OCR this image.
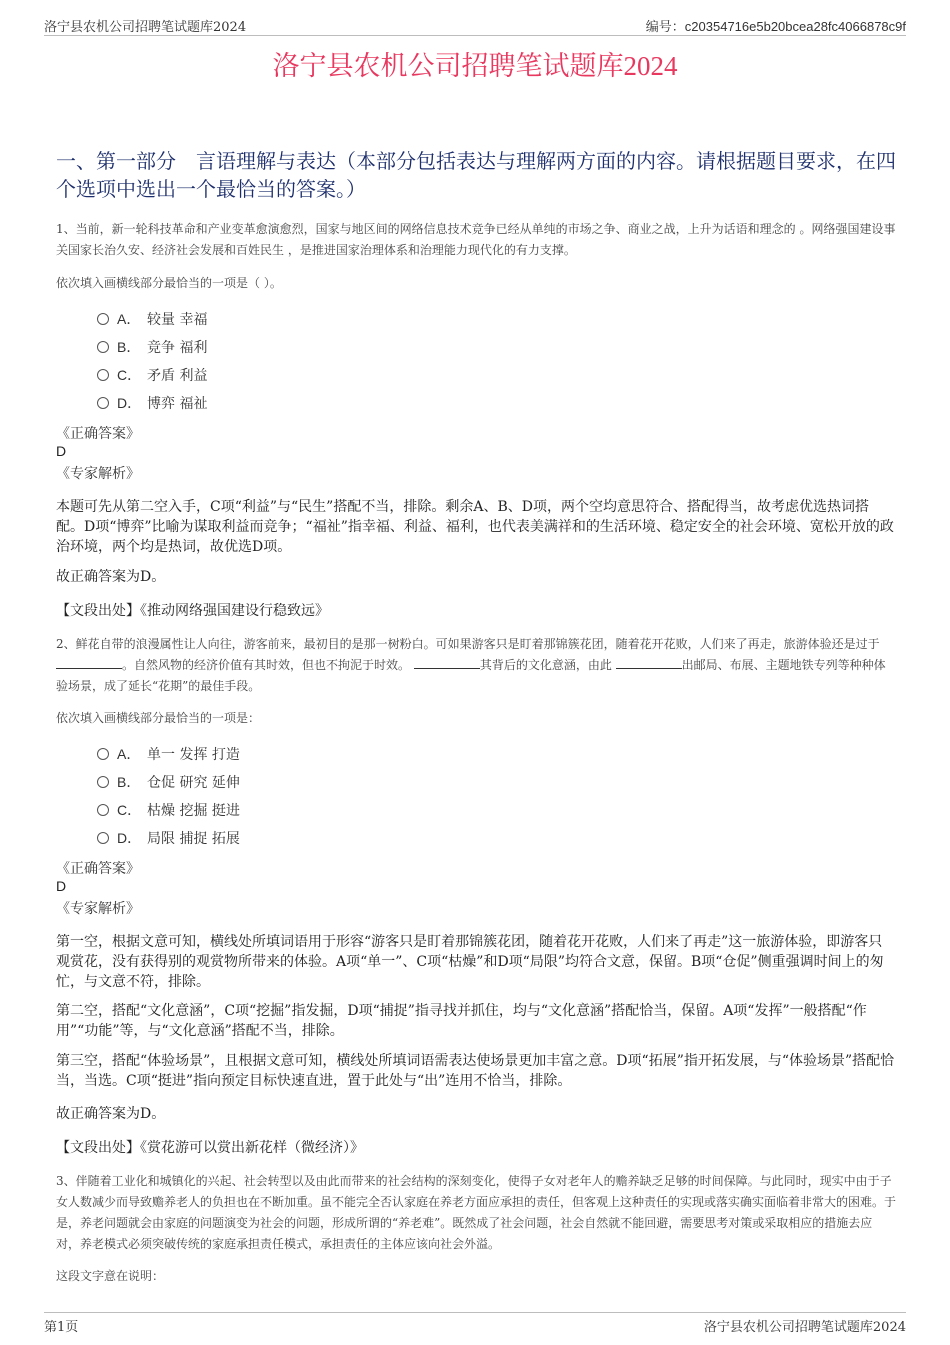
洛宁县农机公司招聘笔试题库2024	编号：c20354716e5b20bcea28fc4066878c9f
洛宁县农机公司招聘笔试题库2024
一、第一部分　言语理解与表达（本部分包括表达与理解两方面的内容。请根据题目要求，在四个选项中选出一个最恰当的答案。）
1、当前，新一轮科技革命和产业变革愈演愈烈，国家与地区间的网络信息技术竞争已经从单纯的市场之争、商业之战，上升为话语和理念的 。网络强国建设事关国家长治久安、经济社会发展和百姓民生 ，是推进国家治理体系和治理能力现代化的有力支撑。
依次填入画横线部分最恰当的一项是（ ）。
A． 较量 幸福
B． 竞争 福利
C． 矛盾 利益
D． 博弈 福祉
《正确答案》
D
《专家解析》
本题可先从第二空入手，C项“利益”与“民生”搭配不当，排除。剩余A、B、D项，两个空均意思符合、搭配得当，故考虑优选热词搭配。D项“博弈”比喻为谋取利益而竞争；“福祉”指幸福、利益、福利，也代表美满祥和的生活环境、稳定安全的社会环境、宽松开放的政治环境，两个均是热词，故优选D项。
故正确答案为D。
【文段出处】《推动网络强国建设行稳致远》
2、鲜花自带的浪漫属性让人向往，游客前来，最初目的是那一树粉白。可如果游客只是盯着那锦簇花团，随着花开花败，人们来了再走，旅游体验还是过于 。自然风物的经济价值有其时效，但也不拘泥于时效。	其背后的文化意涵，由此	出邮局、布展、主题地铁专列等种种体验场景，成了延长“花期”的最佳手段。
依次填入画横线部分最恰当的一项是：
A． 单一 发挥 打造
B． 仓促 研究 延伸
C． 枯燥 挖掘 挺进
D． 局限 捕捉 拓展
《正确答案》
D
《专家解析》
第一空，根据文意可知，横线处所填词语用于形容“游客只是盯着那锦簇花团，随着花开花败，人们来了再走”这一旅游体验，即游客只观赏花，没有获得别的观赏物所带来的体验。A项“单一”、C项“枯燥”和D项“局限”均符合文意，保留。B项“仓促”侧重强调时间上的匆忙，与文意不符，排除。
第二空，搭配“文化意涵”，C项“挖掘”指发掘，D项“捕捉”指寻找并抓住，均与“文化意涵”搭配恰当，保留。A项“发挥”一般搭配“作用”“功能”等，与“文化意涵”搭配不当，排除。
第三空，搭配“体验场景”，且根据文意可知，横线处所填词语需表达使场景更加丰富之意。D项“拓展”指开拓发展，与“体验场景”搭配恰当，当选。C项“挺进”指向预定目标快速直进，置于此处与“出”连用不恰当，排除。
故正确答案为D。
【文段出处】《赏花游可以赏出新花样（微经济）》
3、伴随着工业化和城镇化的兴起、社会转型以及由此而带来的社会结构的深刻变化，使得子女对老年人的赡养缺乏足够的时间保障。与此同时，现实中由于子女人数减少而导致赡养老人的负担也在不断加重。虽不能完全否认家庭在养老方面应承担的责任，但客观上这种责任的实现或落实确实面临着非常大的困难。于是，养老问题就会由家庭的问题演变为社会的问题，形成所谓的“养老难”。既然成了社会问题，社会自然就不能回避，需要思考对策或采取相应的措施去应对，养老模式必须突破传统的家庭承担责任模式，承担责任的主体应该向社会外溢。
这段文字意在说明：
第1页	洛宁县农机公司招聘笔试题库2024
